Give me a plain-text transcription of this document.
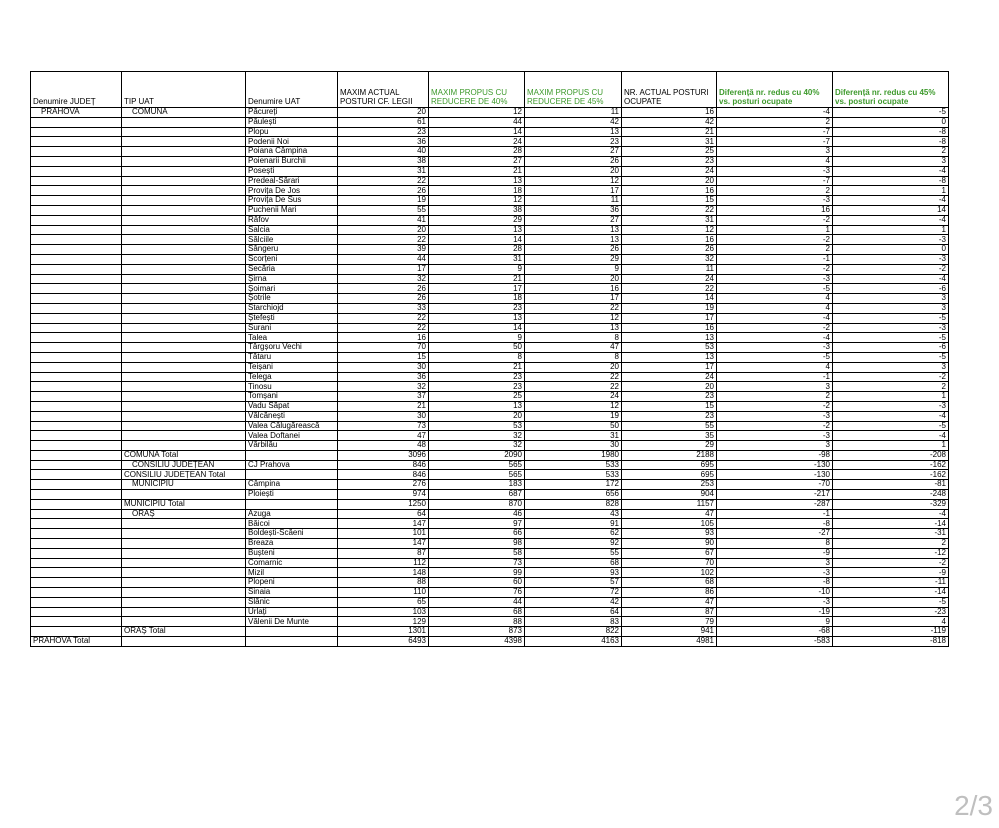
Denumire JUDEȚ	TIP UAT	Denumire UAT	MAXIM ACTUAL POSTURI CF. LEGII	MAXIM PROPUS CU REDUCERE DE 40%	MAXIM PROPUS CU REDUCERE DE 45%	NR. ACTUAL POSTURI OCUPATE	Diferență nr. redus cu 40% vs. posturi ocupate	Diferență nr. redus cu 45% vs. posturi ocupate
PRAHOVA	COMUNA	Păcureți	20	12	11	16	-4	-5
		Păulești	61	44	42	42	2	0
		Plopu	23	14	13	21	-7	-8
		Podenii Noi	36	24	23	31	-7	-8
		Poiana Câmpina	40	28	27	25	3	2
		Poienarii Burchii	38	27	26	23	4	3
		Posești	31	21	20	24	-3	-4
		Predeal-Sărari	22	13	12	20	-7	-8
		Provița De Jos	26	18	17	16	2	1
		Provița De Sus	19	12	11	15	-3	-4
		Puchenii Mari	55	38	36	22	16	14
		Râfov	41	29	27	31	-2	-4
		Salcia	20	13	13	12	1	1
		Sălciile	22	14	13	16	-2	-3
		Sângeru	39	28	26	26	2	0
		Scorțeni	44	31	29	32	-1	-3
		Secăria	17	9	9	11	-2	-2
		Șirna	32	21	20	24	-3	-4
		Șoimari	26	17	16	22	-5	-6
		Șotrile	26	18	17	14	4	3
		Starchiojd	33	23	22	19	4	3
		Ștefești	22	13	12	17	-4	-5
		Surani	22	14	13	16	-2	-3
		Talea	16	9	8	13	-4	-5
		Târgșoru Vechi	70	50	47	53	-3	-6
		Tătaru	15	8	8	13	-5	-5
		Teișani	30	21	20	17	4	3
		Telega	36	23	22	24	-1	-2
		Tinosu	32	23	22	20	3	2
		Tomșani	37	25	24	23	2	1
		Vadu Săpat	21	13	12	15	-2	-3
		Vălcănești	30	20	19	23	-3	-4
		Valea Călugărească	73	53	50	55	-2	-5
		Valea Doftanei	47	32	31	35	-3	-4
		Vărbilău	48	32	30	29	3	1
	COMUNA Total		3096	2090	1980	2188	-98	-208
	CONSILIU JUDEȚEAN	CJ Prahova	846	565	533	695	-130	-162
	CONSILIU JUDEȚEAN Total		846	565	533	695	-130	-162
	MUNICIPIU	Câmpina	276	183	172	253	-70	-81
		Ploiești	974	687	656	904	-217	-248
	MUNICIPIU Total		1250	870	828	1157	-287	-329
	ORAȘ	Azuga	64	46	43	47	-1	-4
		Băicoi	147	97	91	105	-8	-14
		Boldești-Scăeni	101	66	62	93	-27	-31
		Breaza	147	98	92	90	8	2
		Bușteni	87	58	55	67	-9	-12
		Comarnic	112	73	68	70	3	-2
		Mizil	148	99	93	102	-3	-9
		Plopeni	88	60	57	68	-8	-11
		Sinaia	110	76	72	86	-10	-14
		Slănic	65	44	42	47	-3	-5
		Urlați	103	68	64	87	-19	-23
		Vălenii De Munte	129	88	83	79	9	4
	ORAȘ Total		1301	873	822	941	-68	-119
PRAHOVA Total			6493	4398	4163	4981	-583	-818
2/3
